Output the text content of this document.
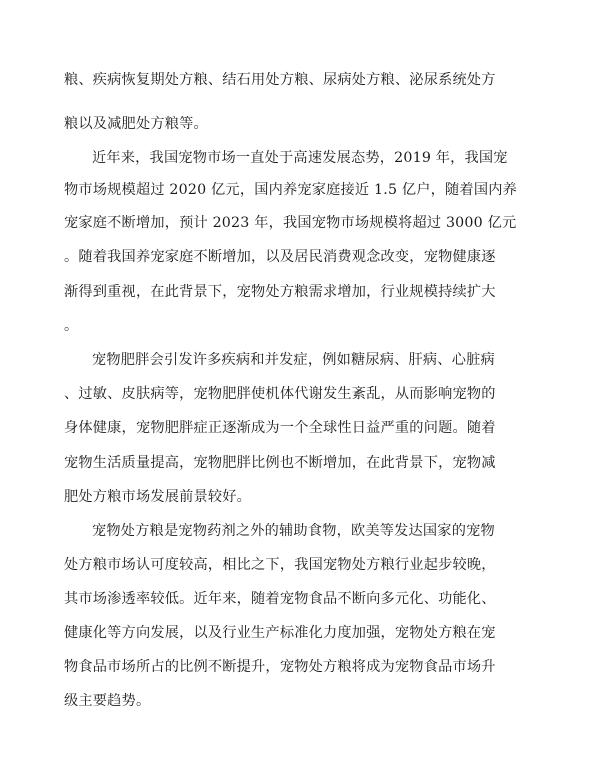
粮、疾病恢复期处方粮、结石用处方粮、尿病处方粮、泌尿系统处方
粮以及减肥处方粮等。
近年来，我国宠物市场一直处于高速发展态势，2019 年，我国宠
物市场规模超过 2020 亿元，国内养宠家庭接近 1.5 亿户，随着国内养
宠家庭不断增加，预计 2023 年，我国宠物市场规模将超过 3000 亿元
。随着我国养宠家庭不断增加，以及居民消费观念改变，宠物健康逐
渐得到重视，在此背景下，宠物处方粮需求增加，行业规模持续扩大
。
宠物肥胖会引发许多疾病和并发症，例如糖尿病、肝病、心脏病
、过敏、皮肤病等，宠物肥胖使机体代谢发生紊乱，从而影响宠物的
身体健康，宠物肥胖症正逐渐成为一个全球性日益严重的问题。随着
宠物生活质量提高，宠物肥胖比例也不断增加，在此背景下，宠物减
肥处方粮市场发展前景较好。
宠物处方粮是宠物药剂之外的辅助食物，欧美等发达国家的宠物
处方粮市场认可度较高，相比之下，我国宠物处方粮行业起步较晚，
其市场渗透率较低。近年来，随着宠物食品不断向多元化、功能化、
健康化等方向发展，以及行业生产标准化力度加强，宠物处方粮在宠
物食品市场所占的比例不断提升，宠物处方粮将成为宠物食品市场升
级主要趋势。
